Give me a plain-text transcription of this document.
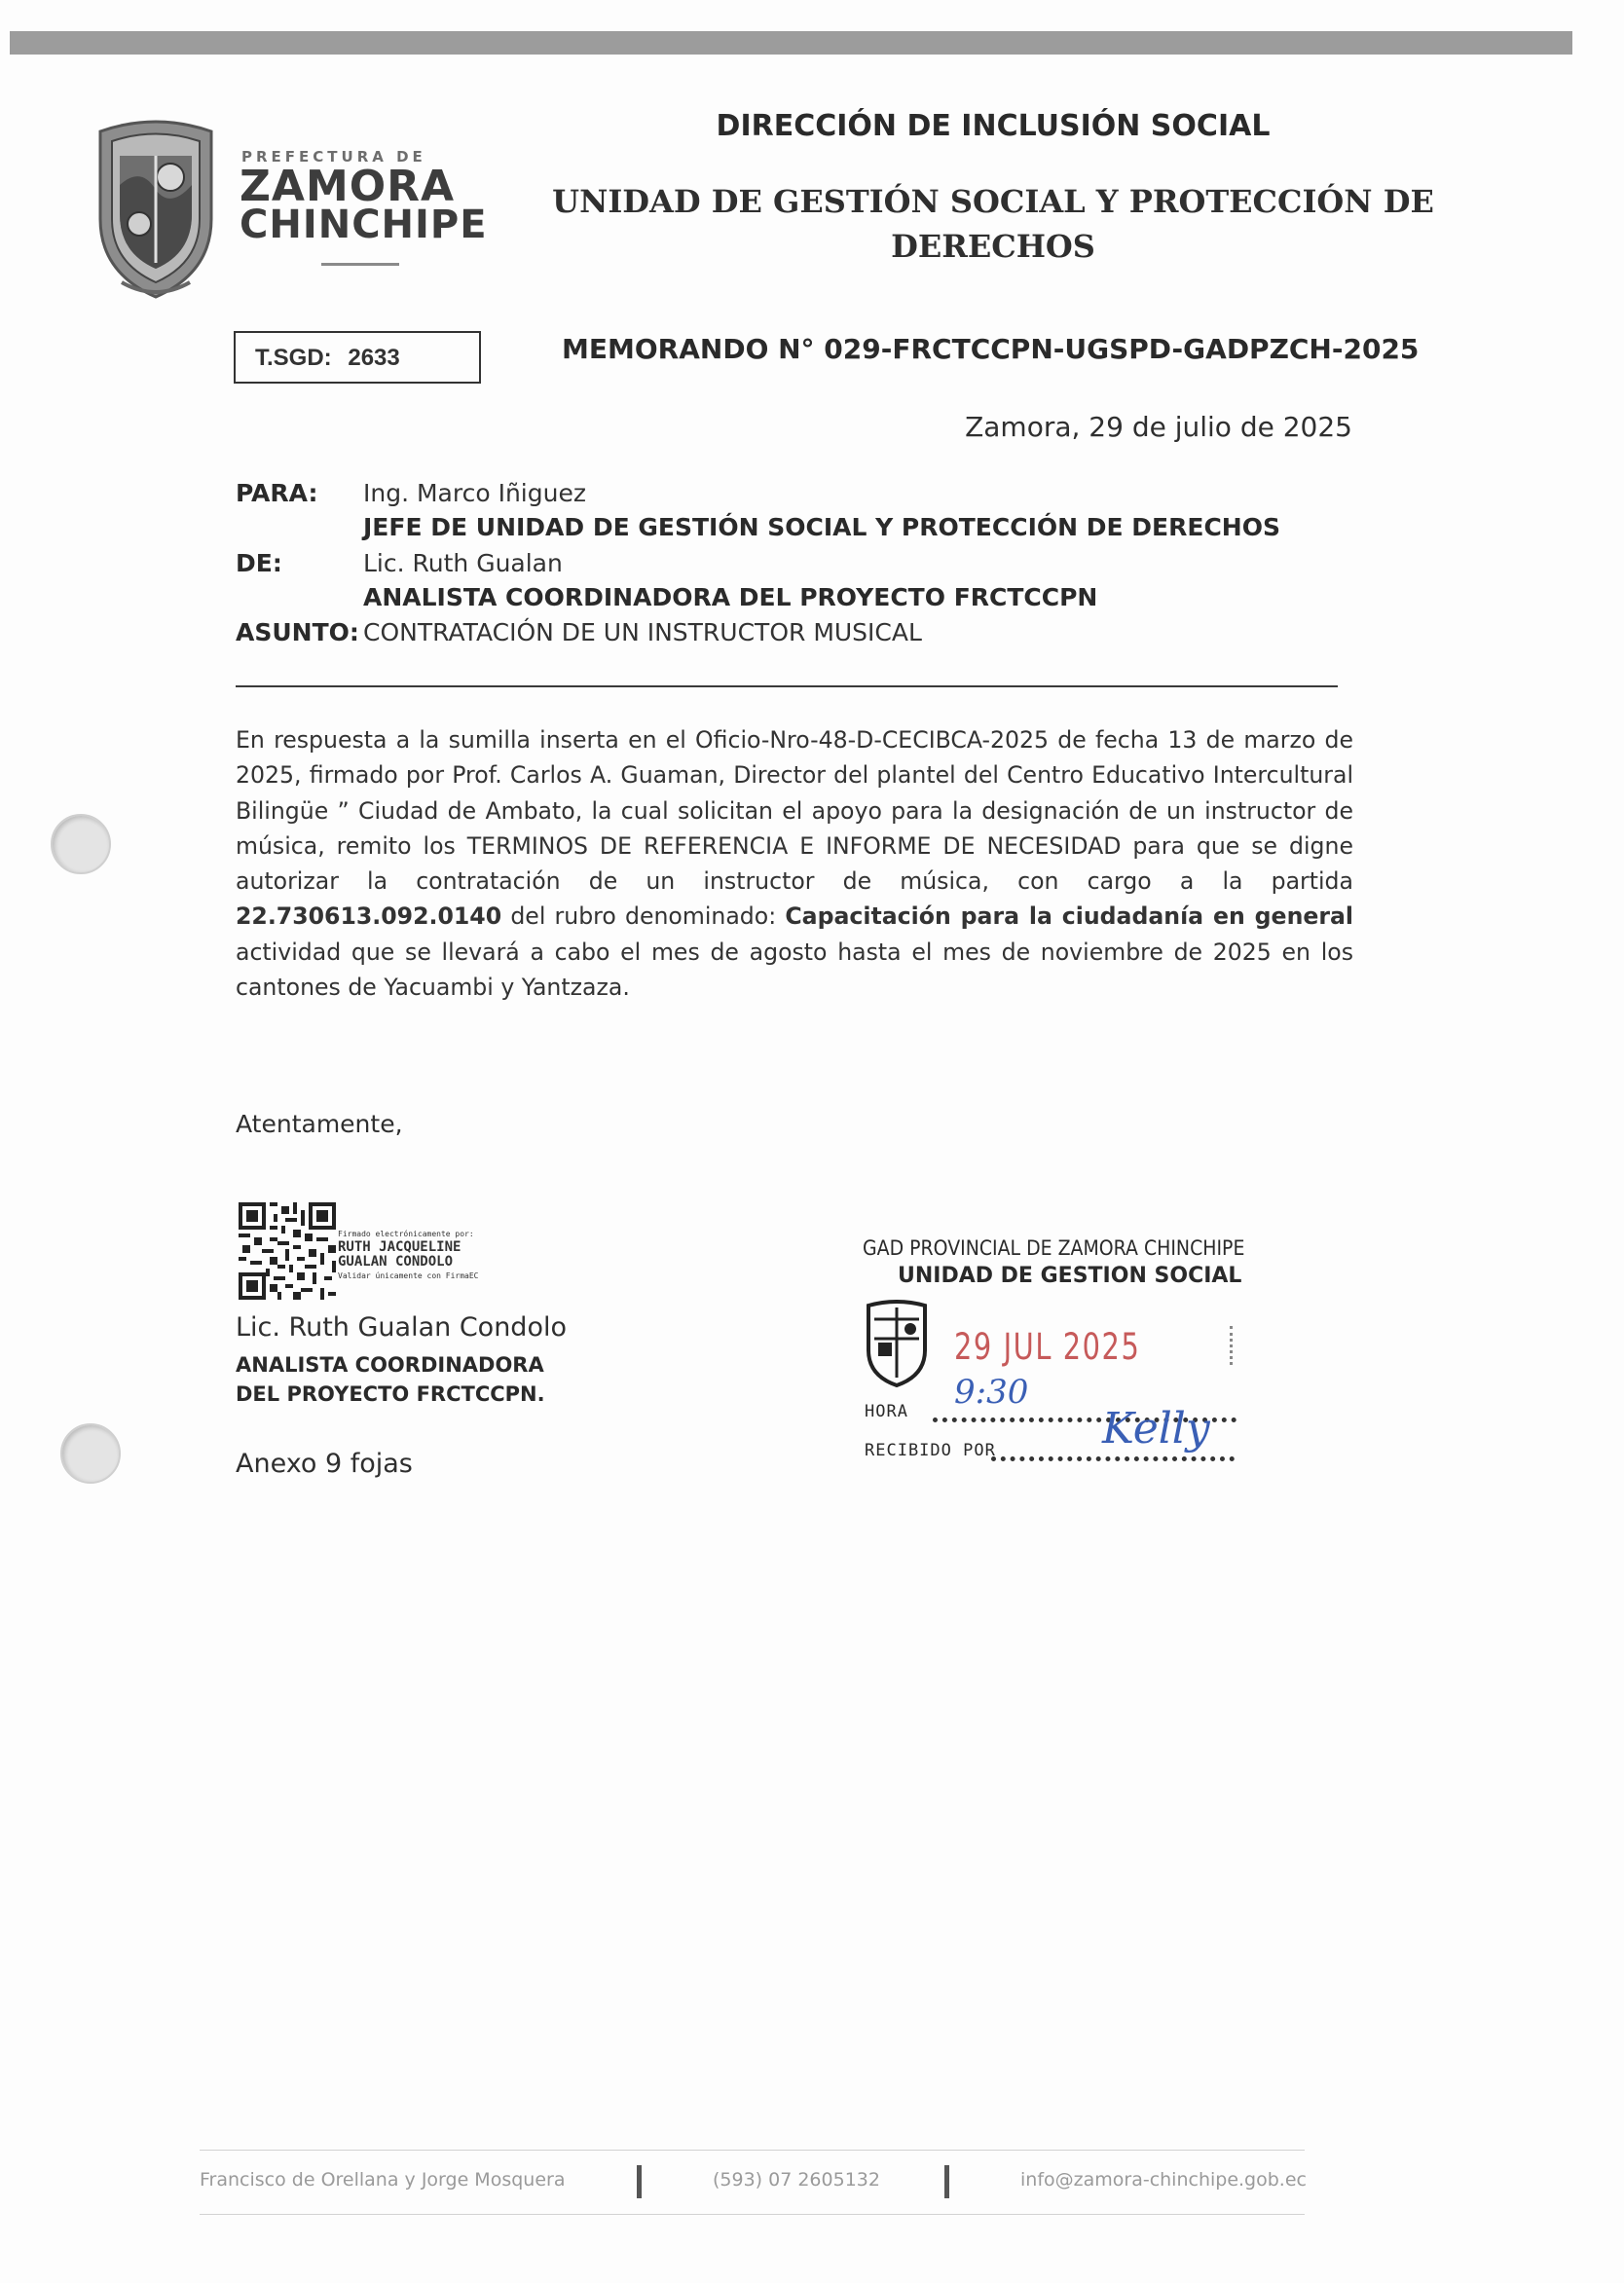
PREFECTURA DE
ZAMORA
CHINCHIPE
DIRECCIÓN DE INCLUSIÓN SOCIAL
UNIDAD DE GESTIÓN SOCIAL Y PROTECCIÓN DE DERECHOS
T.SGD: 2633	MEMORANDO N° 029-FRCTCCPN-UGSPD-GADPZCH-2025
Zamora, 29 de julio de 2025
PARA: Ing. Marco Iñiguez
JEFE DE UNIDAD DE GESTIÓN SOCIAL Y PROTECCIÓN DE DERECHOS
DE:	Lic. Ruth Gualan
ANALISTA COORDINADORA DEL PROYECTO FRCTCCPN
ASUNTO: CONTRATACIÓN DE UN INSTRUCTOR MUSICAL
En respuesta a la sumilla inserta en el Oficio-Nro-48-D-CECIBCA-2025 de fecha 13 de marzo de 2025, firmado por Prof. Carlos A. Guaman, Director del plantel del Centro Educativo Intercultural Bilingüe ” Ciudad de Ambato, la cual solicitan el apoyo para la designación de un instructor de música, remito los TERMINOS DE REFERENCIA E INFORME DE NECESIDAD para que se digne autorizar la contratación de un instructor de música, con cargo a la partida 22.730613.092.0140 del rubro denominado: Capacitación para la ciudadanía en general actividad que se llevará a cabo el mes de agosto hasta el mes de noviembre de 2025 en los cantones de Yacuambi y Yantzaza.
Atentamente,
Firmado electrónicamente por:
RUTH JACQUELINE
GUALAN CONDOLO
Validar únicamente con FirmaEC
Lic. Ruth Gualan Condolo
ANALISTA COORDINADORA
DEL PROYECTO FRCTCCPN.
Anexo 9 fojas
GAD PROVINCIAL DE ZAMORA CHINCHIPE
UNIDAD DE GESTION SOCIAL
29 JUL 2025
HORA 9:30
RECIBIDO POR Kelly
Francisco de Orellana y Jorge Mosquera	(593) 07 2605132	info@zamora-chinchipe.gob.ec
